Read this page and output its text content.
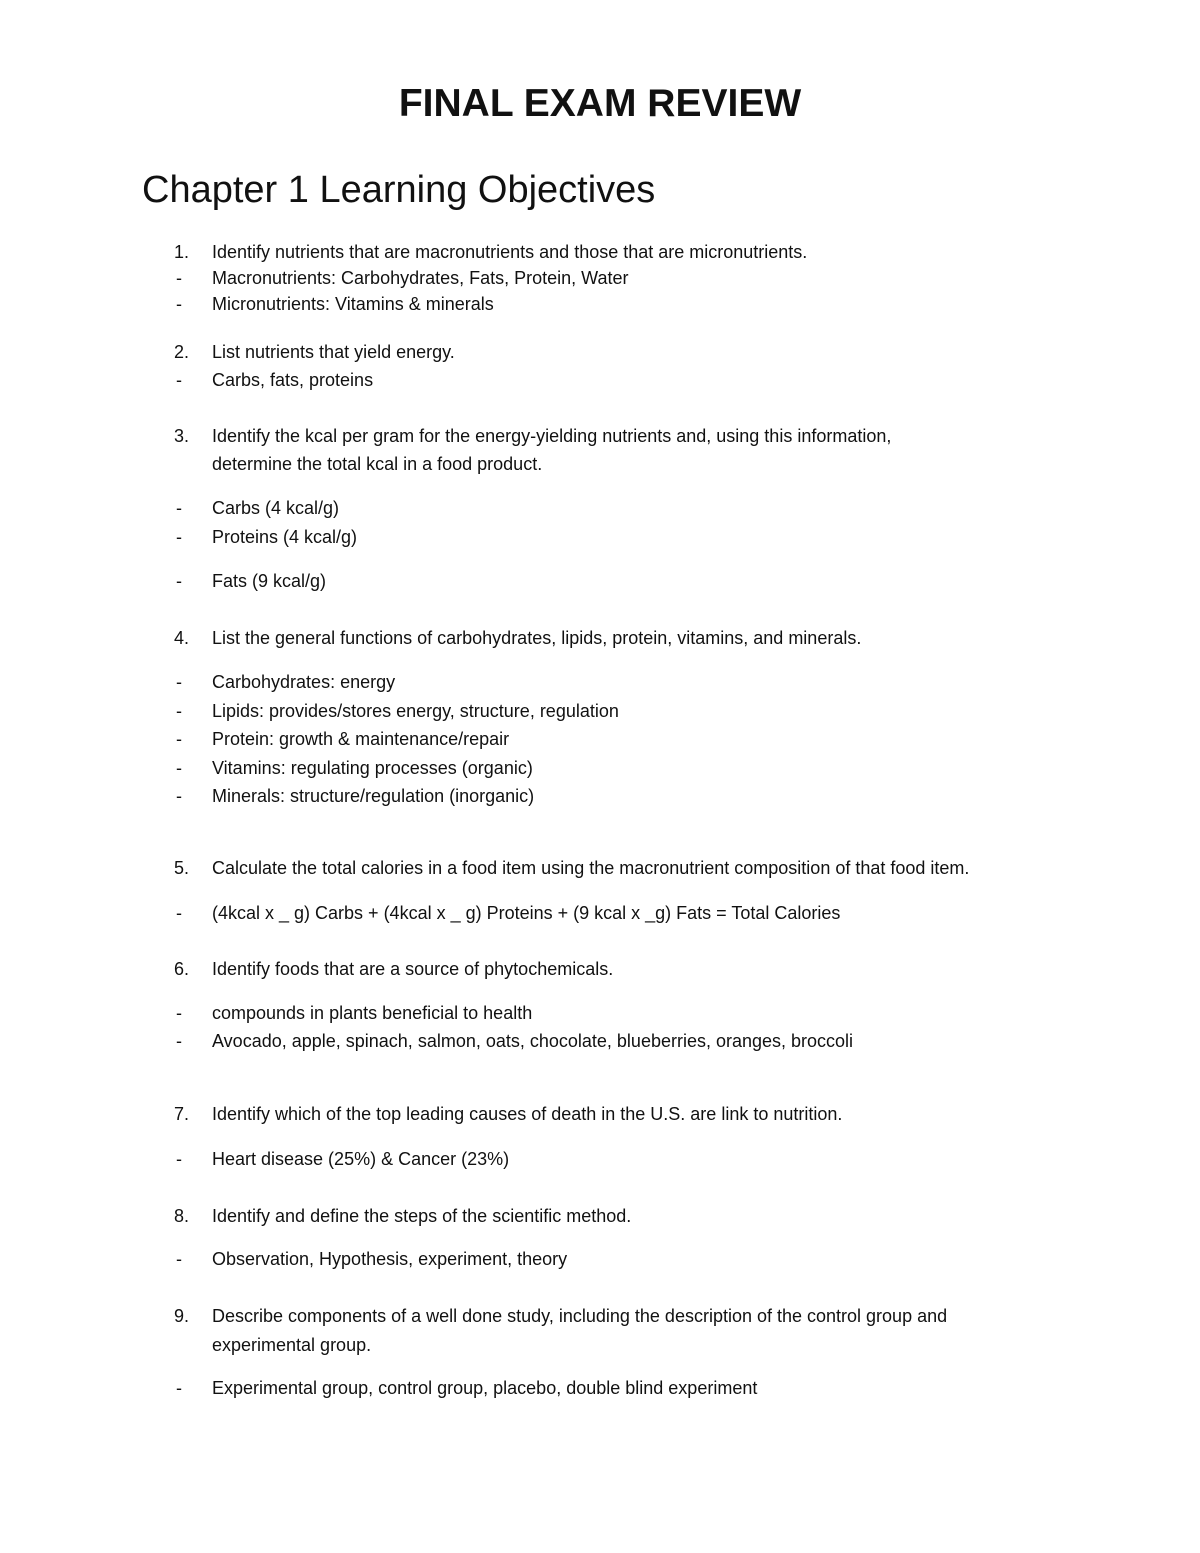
FINAL EXAM REVIEW
Chapter 1 Learning Objectives
1. Identify nutrients that are macronutrients and those that are micronutrients.
- Macronutrients: Carbohydrates, Fats, Protein, Water
- Micronutrients: Vitamins & minerals
2. List nutrients that yield energy.
- Carbs, fats, proteins
3. Identify the kcal per gram for the energy-yielding nutrients and, using this information,
determine the total kcal in a food product.
- Carbs (4 kcal/g)
- Proteins (4 kcal/g)
- Fats (9 kcal/g)
4. List the general functions of carbohydrates, lipids, protein, vitamins, and minerals.
- Carbohydrates: energy
- Lipids: provides/stores energy, structure, regulation
- Protein: growth & maintenance/repair
- Vitamins: regulating processes (organic)
- Minerals: structure/regulation (inorganic)
5. Calculate the total calories in a food item using the macronutrient composition of that food item.
- (4kcal x _ g) Carbs + (4kcal x _ g) Proteins + (9 kcal x _g) Fats = Total Calories
6. Identify foods that are a source of phytochemicals.
- compounds in plants beneficial to health
- Avocado, apple, spinach, salmon, oats, chocolate, blueberries, oranges, broccoli
7. Identify which of the top leading causes of death in the U.S. are link to nutrition.
- Heart disease (25%) & Cancer (23%)
8. Identify and define the steps of the scientific method.
- Observation, Hypothesis, experiment, theory
9. Describe components of a well done study, including the description of the control group and
experimental group.
- Experimental group, control group, placebo, double blind experiment
